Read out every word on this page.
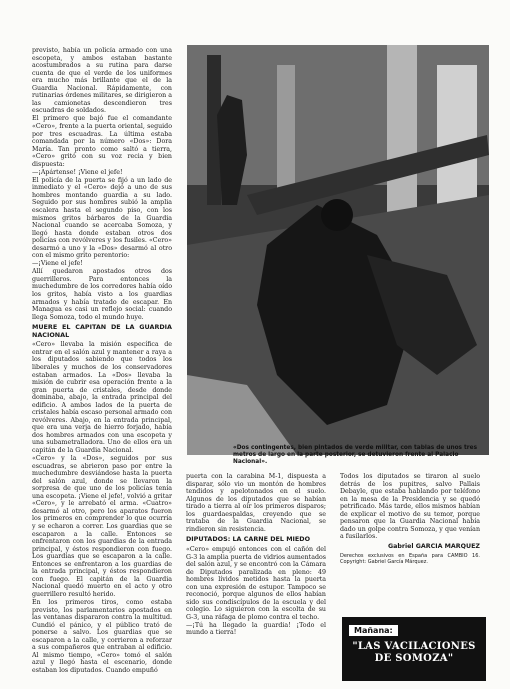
previsto, había un policía armado con una escopeta, y ambos estaban bastante acostumbrados a su rutina para darse cuenta de que el verde de los uniformes era mucho más brillante que el de la Guardia Nacional. Rápidamente, con rutinarias órdenes militares, se dirigieron a las camionetas descendieron tres escuadras de soldados.

El primero que bajó fue el comandante «Cero», frente a la puerta oriental, seguido por tres escuadras. La última estaba comandada por la número «Dos»: Dora María. Tan pronto como saltó a tierra, «Cero» gritó con su voz recia y bien dispuesta:

—¡Apártense! ¡Viene el jefe!

El policía de la puerta se fijó a un lado de inmediato y el «Cero» dejó a uno de sus hombres montando guardia a su lado. Seguido por sus hombres subió la amplia escalera hasta el segundo piso, con los mismos gritos bárbaros de la Guardia Nacional cuando se acercaba Somoza, y llegó hasta donde estaban otros dos policías con revólveres y los fusiles. «Cero» desarmó a uno y la «Dos» desarmó al otro con el mismo grito perentorio:

—¡Viene el jefe!

Allí quedaron apostados otros dos guerrilleros. Para entonces la muchedumbre de los corredores había oído los gritos, había visto a los guardias armados y había tratado de escapar. En Managua es casi un reflejo social: cuando llega Somoza, todo el mundo huye.

MUERE EL CAPITAN DE LA GUARDIA NACIONAL

«Cero» llevaba la misión específica de entrar en el salón azul y mantener a raya a los diputados sabiendo que todos los liberales y muchos de los conservadores estaban armados. La «Dos» llevaba la misión de cubrir esa operación frente a la gran puerta de cristales, desde donde dominaba, abajo, la entrada principal del edificio. A ambos lados de la puerta de cristales había escaso personal armado con revólveres. Abajo, en la entrada principal, que era una verja de hierro forjado, había dos hombres armados con una escopeta y una subametralladora. Uno de ellos era un capitán de la Guardia Nacional.

«Cero» y la «Dos», seguidos por sus escuadras, se abrieron paso por entre la muchedumbre desviándose hasta la puerta del salón azul, donde se llevaron la sorpresa de que uno de los policías tenía una escopeta. ¡Viene el jefe!, volvió a gritar «Cero», y le arrebató el arma. «Cuatro» desarmó al otro, pero los aparatos fueron los primeros en comprender lo que ocurría y se echaron a correr. Los guardias que se escaparon a la calle. Entonces se enfrentaron con los guardias de la entrada principal, y éstos respondieron con fuego. Los guardias que se escaparon a la calle. Entonces se enfrentaron a los guardias de la entrada principal, y éstos respondieron con fuego. El capitán de la Guardia Nacional quedó muerto en el acto y otro guerrillero resultó herido.

En los primeros tiros, como estaba previsto, los parlamentarios apostados en las ventanas dispararon contra la multitud. Cundió el pánico, y el público trató de ponerse a salvo. Los guardias que se escaparon a la calle, y corrieron a reforzar a sus compañeros que entraban al edificio. Al mismo tiempo, «Cero» tomó el salón azul y llegó hasta el escenario, donde estaban los diputados. Cuando empuñó

«Dos contingentes, bien pintados de verde militar, con tablas de unos tres metros de largo en la parte posterior, se detuvieron frente al Palacio Nacional».

puerta con la carabina M-1, dispuesta a disparar, sólo vio un montón de hombres tendidos y apelotonados en el suelo. Algunos de los diputados que se habían tirado a tierra al oír los primeros disparos; los guardaespaldas, creyendo que se trataba de la Guardia Nacional, se rindieron sin resistencia.

DIPUTADOS: LA CARNE DEL MIEDO

«Cero» empujó entonces con el cañón del G-3 la amplia puerta de vidrios aumentados del salón azul, y se encontró con la Cámara de Diputados paralizada en pleno: 49 hombres lívidos metidos hasta la puerta con una expresión de estupor. Tampoco se reconoció, porque algunos de ellos habían sido sus condiscípulos de la escuela y del colegio. Lo siguieron con la escolta de su G-3, una ráfaga de plomo contra el techo.

—¡Tú ha llegado la guardia! ¡Todo el mundo a tierra!

Todos los diputados se tiraron al suelo detrás de los pupitres, salvo Pallais Debayle, que estaba hablando por teléfono en la mesa de la Presidencia y se quedó petrificado. Más tarde, ellos mismos habían de explicar el motivo de su temor, porque pensaron que la Guardia Nacional había dado un golpe contra Somoza, y que venían a fusilarlos.

Gabriel GARCIA MARQUEZ
Derechos exclusivos en España para CAMBIO 16. Copyright: Gabriel García Márquez.
Mañana:
"LAS VACILACIONES DE SOMOZA"
